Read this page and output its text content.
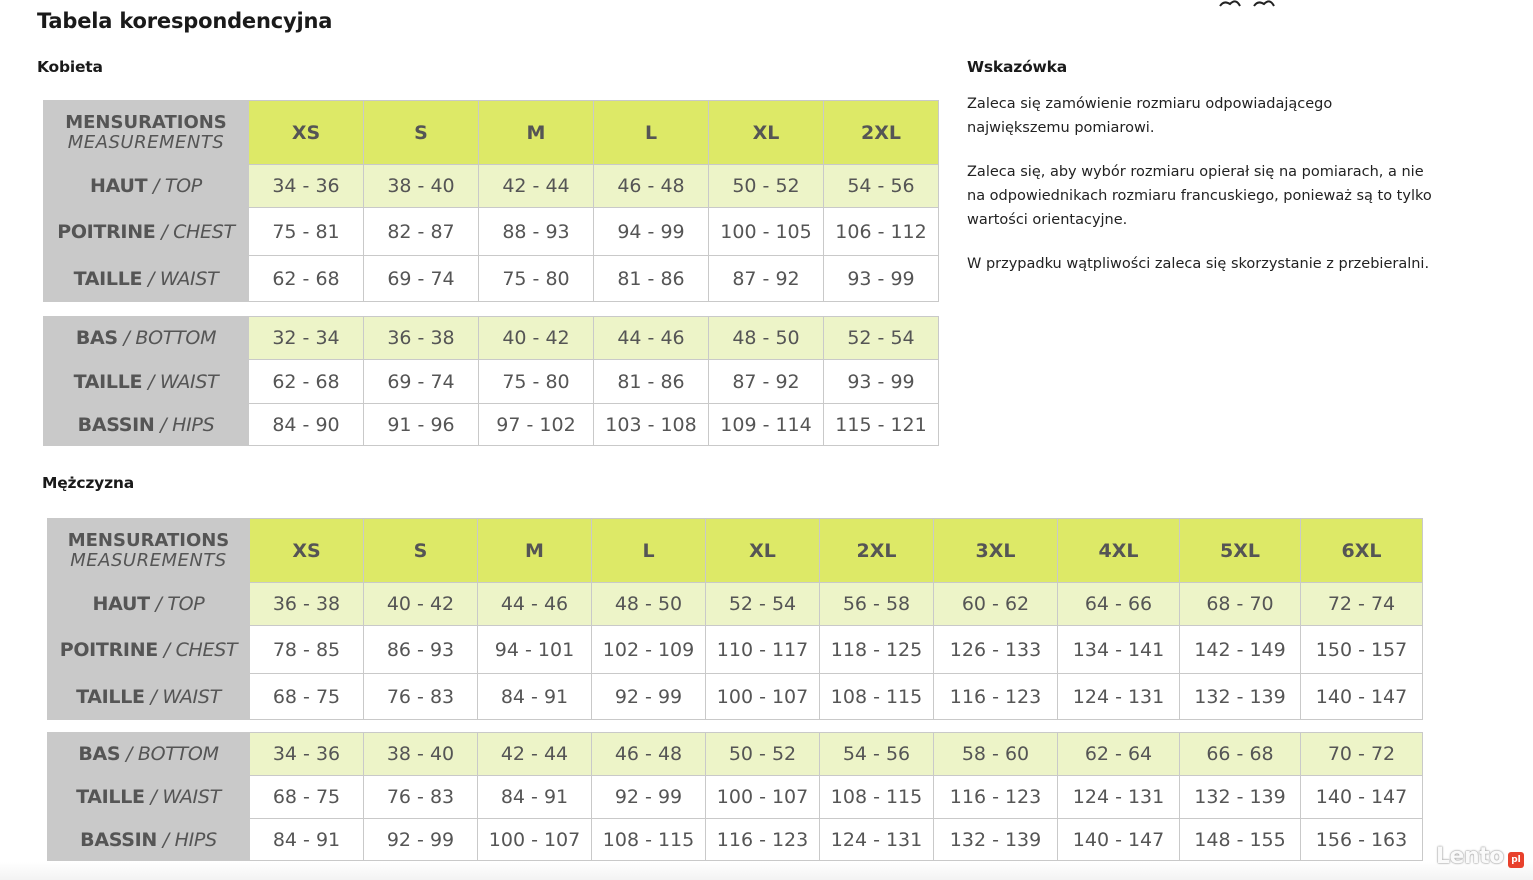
Tabela korespondencyjna
Kobieta
Mężczyzna
Wskazówka

Zaleca się zamówienie rozmiaru odpowiadającego największemu pomiarowi.

Zaleca się, aby wybór rozmiaru opierał się na pomiarach, a nie na odpowiednikach rozmiaru francuskiego, ponieważ są to tylko wartości orientacyjne.

W przypadku wątpliwości zaleca się skorzystanie z przebieralni.

MENSURATIONS
MEASUREMENTS	XS	S	M	L	XL	2XL
HAUT / TOP	34 - 36	38 - 40	42 - 44	46 - 48	50 - 52	54 - 56
POITRINE / CHEST	75 - 81	82 - 87	88 - 93	94 - 99	100 - 105	106 - 112
TAILLE / WAIST	62 - 68	69 - 74	75 - 80	81 - 86	87 - 92	93 - 99
BAS / BOTTOM	32 - 34	36 - 38	40 - 42	44 - 46	48 - 50	52 - 54
TAILLE / WAIST	62 - 68	69 - 74	75 - 80	81 - 86	87 - 92	93 - 99
BASSIN / HIPS	84 - 90	91 - 96	97 - 102	103 - 108	109 - 114	115 - 121
MENSURATIONS
MEASUREMENTS	XS	S	M	L	XL	2XL	3XL	4XL	5XL	6XL
HAUT / TOP	36 - 38	40 - 42	44 - 46	48 - 50	52 - 54	56 - 58	60 - 62	64 - 66	68 - 70	72 - 74
POITRINE / CHEST	78 - 85	86 - 93	94 - 101	102 - 109	110 - 117	118 - 125	126 - 133	134 - 141	142 - 149	150 - 157
TAILLE / WAIST	68 - 75	76 - 83	84 - 91	92 - 99	100 - 107	108 - 115	116 - 123	124 - 131	132 - 139	140 - 147
BAS / BOTTOM	34 - 36	38 - 40	42 - 44	46 - 48	50 - 52	54 - 56	58 - 60	62 - 64	66 - 68	70 - 72
TAILLE / WAIST	68 - 75	76 - 83	84 - 91	92 - 99	100 - 107	108 - 115	116 - 123	124 - 131	132 - 139	140 - 147
BASSIN / HIPS	84 - 91	92 - 99	100 - 107	108 - 115	116 - 123	124 - 131	132 - 139	140 - 147	148 - 155	156 - 163
Lento pl
